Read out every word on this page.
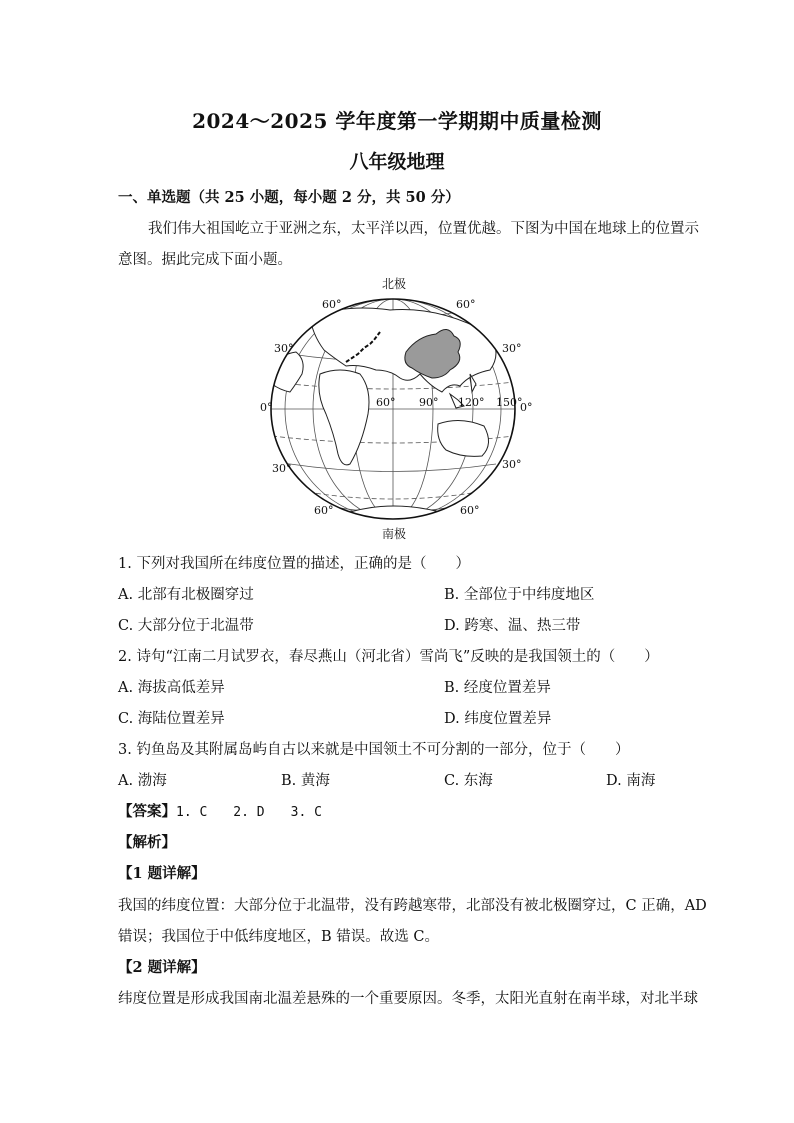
2024～2025 学年度第一学期期中质量检测
八年级地理
一、单选题（共 25 小题，每小题 2 分，共 50 分）
我们伟大祖国屹立于亚洲之东，太平洋以西，位置优越。下图为中国在地球上的位置示
意图。据此完成下面小题。
北极
南极
60°	60°
30°	30°
0°	0°
30°	30°
60°	60°
60° 90° 120° 150°
1. 下列对我国所在纬度位置的描述，正确的是（　　）
A. 北部有北极圈穿过	B. 全部位于中纬度地区
C. 大部分位于北温带	D. 跨寒、温、热三带
2. 诗句“江南二月试罗衣，春尽燕山（河北省）雪尚飞”反映的是我国领土的（　　）
A. 海拔高低差异	B. 经度位置差异
C. 海陆位置差异	D. 纬度位置差异
3. 钓鱼岛及其附属岛屿自古以来就是中国领土不可分割的一部分，位于（　　）
A. 渤海	B. 黄海	C. 东海	D. 南海
【答案】1. C　　2. D　　3. C
【解析】
【1 题详解】
我国的纬度位置：大部分位于北温带，没有跨越寒带，北部没有被北极圈穿过，C 正确，AD
错误；我国位于中低纬度地区，B 错误。故选 C。
【2 题详解】
纬度位置是形成我国南北温差悬殊的一个重要原因。冬季，太阳光直射在南半球，对北半球
